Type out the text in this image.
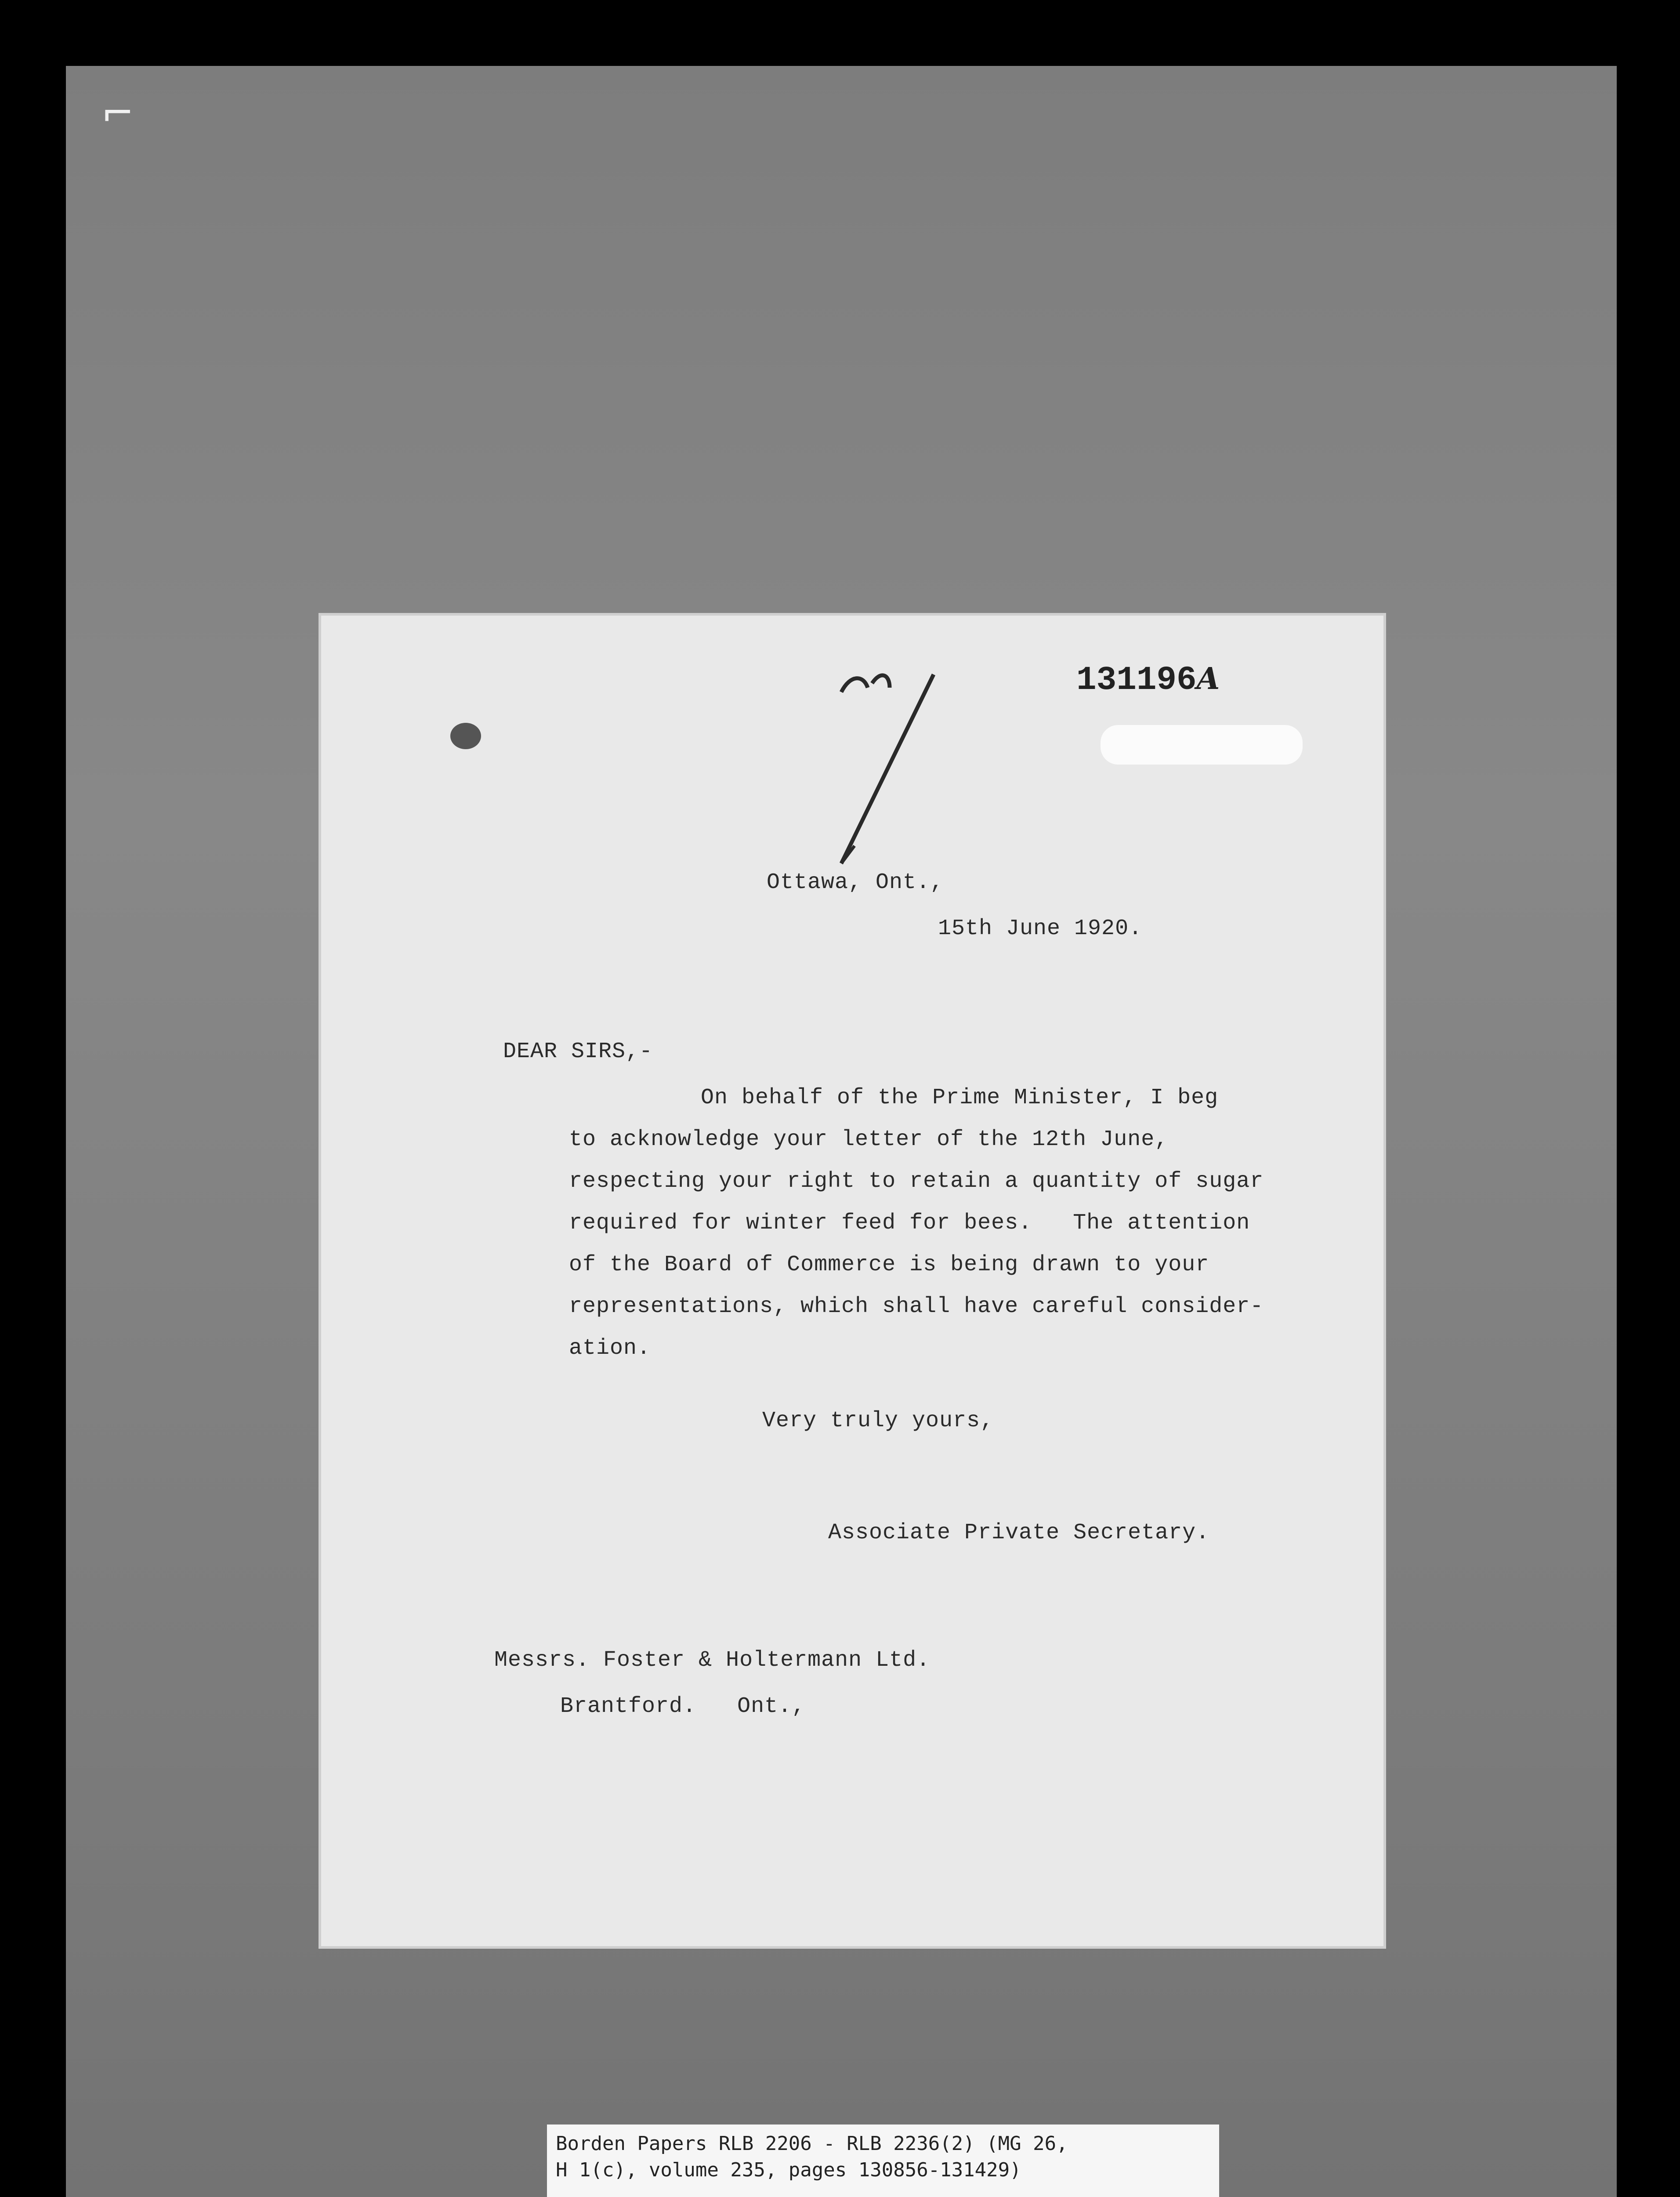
⌐
131196A
Ottawa, Ont.,
15th June 1920.
DEAR SIRS,-
On behalf of the Prime Minister, I beg
to acknowledge your letter of the 12th June,
respecting your right to retain a quantity of sugar
required for winter feed for bees.   The attention
of the Board of Commerce is being drawn to your
representations, which shall have careful consider-
ation.
Very truly yours,
Associate Private Secretary.
Messrs. Foster & Holtermann Ltd.
Brantford.   Ont.,
Borden Papers RLB 2206 - RLB 2236(2) (MG 26,
H 1(c), volume 235, pages 130856-131429)
